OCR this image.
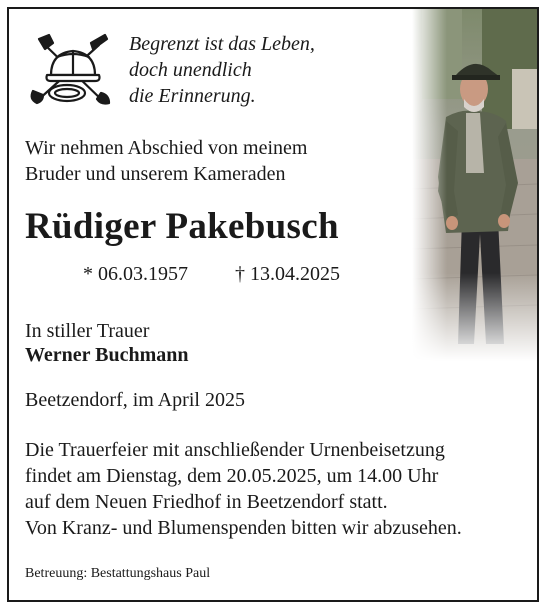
Begrenzt ist das Leben,
doch unendlich
die Erinnerung.
Wir nehmen Abschied von meinem
Bruder und unserem Kameraden
Rüdiger Pakebusch
* 06.03.1957 † 13.04.2025
In stiller Trauer
Werner Buchmann
Beetzendorf, im April 2025
Die Trauerfeier mit anschließender Urnenbeisetzung
findet am Dienstag, dem 20.05.2025, um 14.00 Uhr
auf dem Neuen Friedhof in Beetzendorf statt.
Von Kranz- und Blumenspenden bitten wir abzusehen.
Betreuung: Bestattungshaus Paul
